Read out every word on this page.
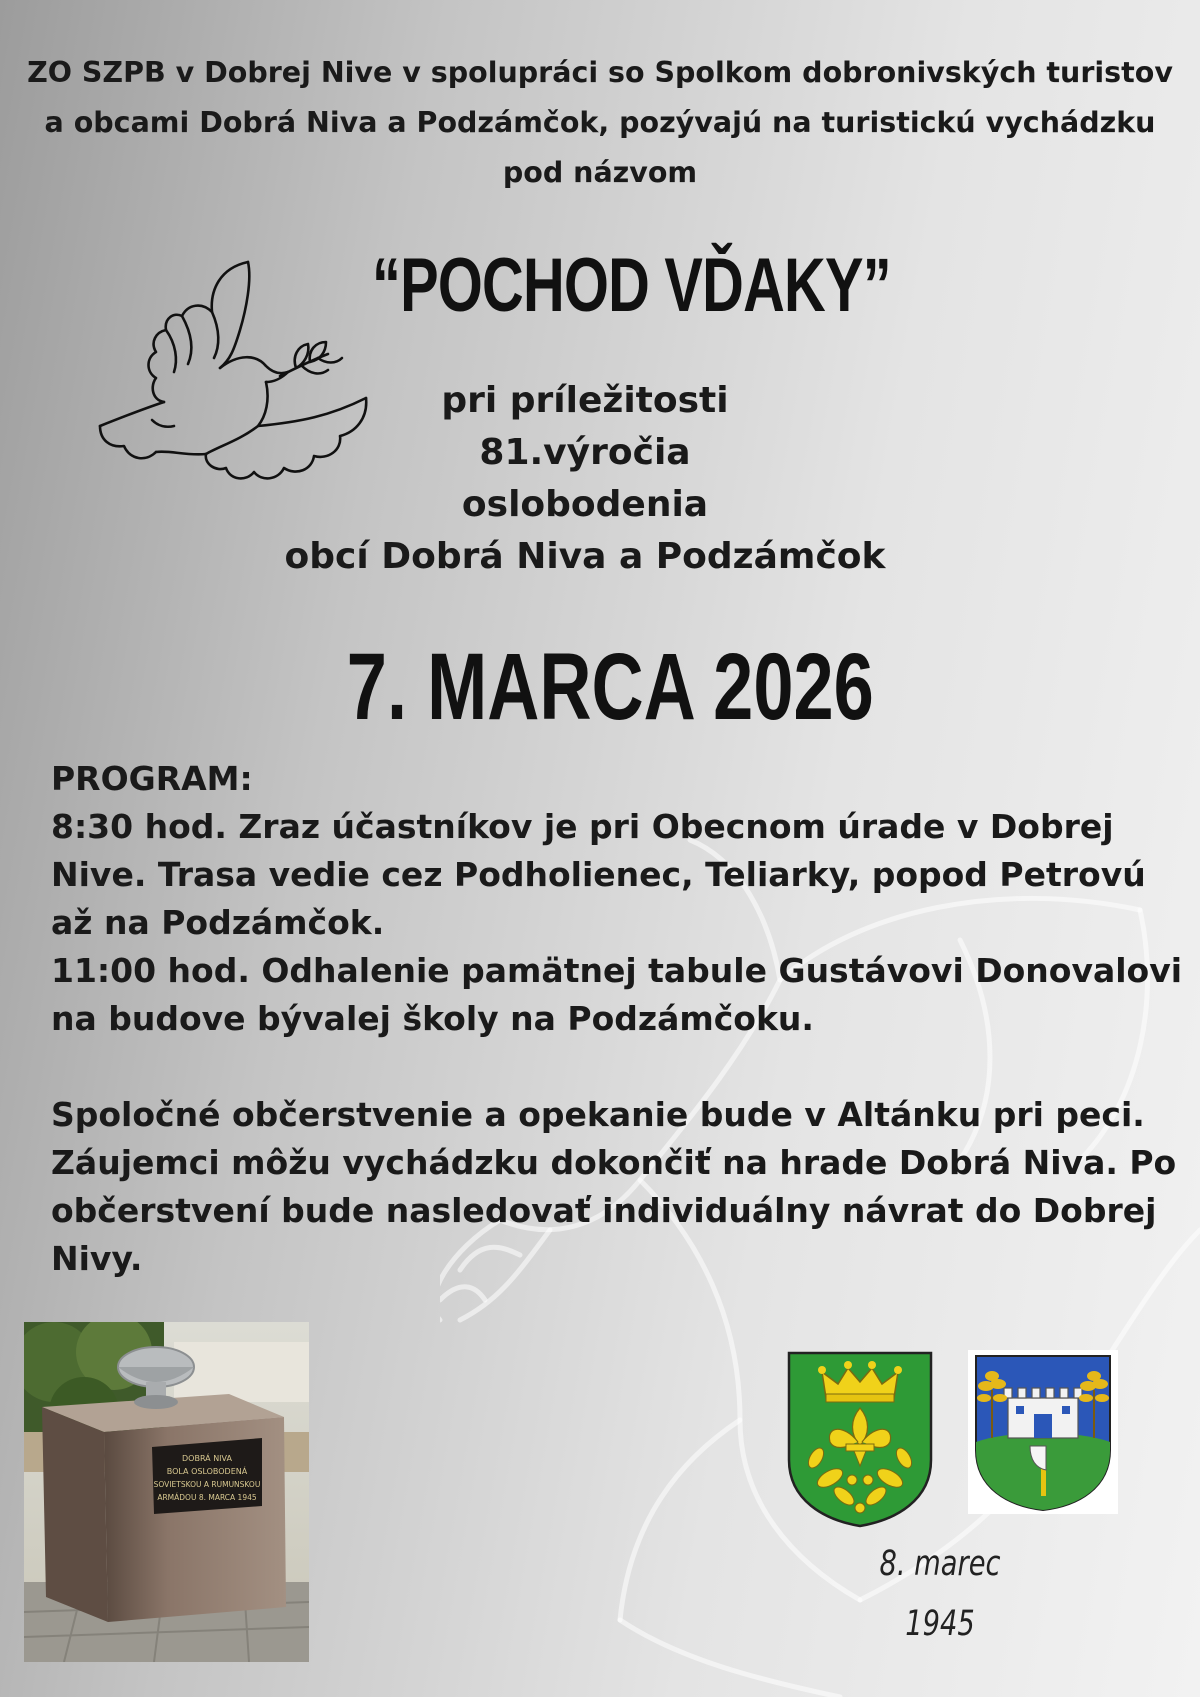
ZO SZPB v Dobrej Nive v spolupráci so Spolkom dobronivských turistov
a obcami Dobrá Niva a Podzámčok, pozývajú na turistickú vychádzku
pod názvom
“POCHOD VĎAKY”
pri príležitosti
81.výročia
oslobodenia
obcí Dobrá Niva a Podzámčok
7. MARCA 2026
PROGRAM:
8:30 hod. Zraz účastníkov je pri Obecnom úrade v Dobrej
Nive. Trasa vedie cez Podholienec, Teliarky, popod Petrovú
až na Podzámčok.
11:00 hod. Odhalenie pamätnej tabule Gustávovi Donovalovi
na budove bývalej školy na Podzámčoku.
Spoločné občerstvenie a opekanie bude v Altánku pri peci.
Záujemci môžu vychádzku dokončiť na hrade Dobrá Niva. Po
občerstvení bude nasledovať individuálny návrat do Dobrej
Nivy.
DOBRÁ NIVA
BOLA OSLOBODENÁ
SOVIETSKOU A RUMUNSKOU
ARMÁDOU 8. MARCA 1945
8. marec
1945
